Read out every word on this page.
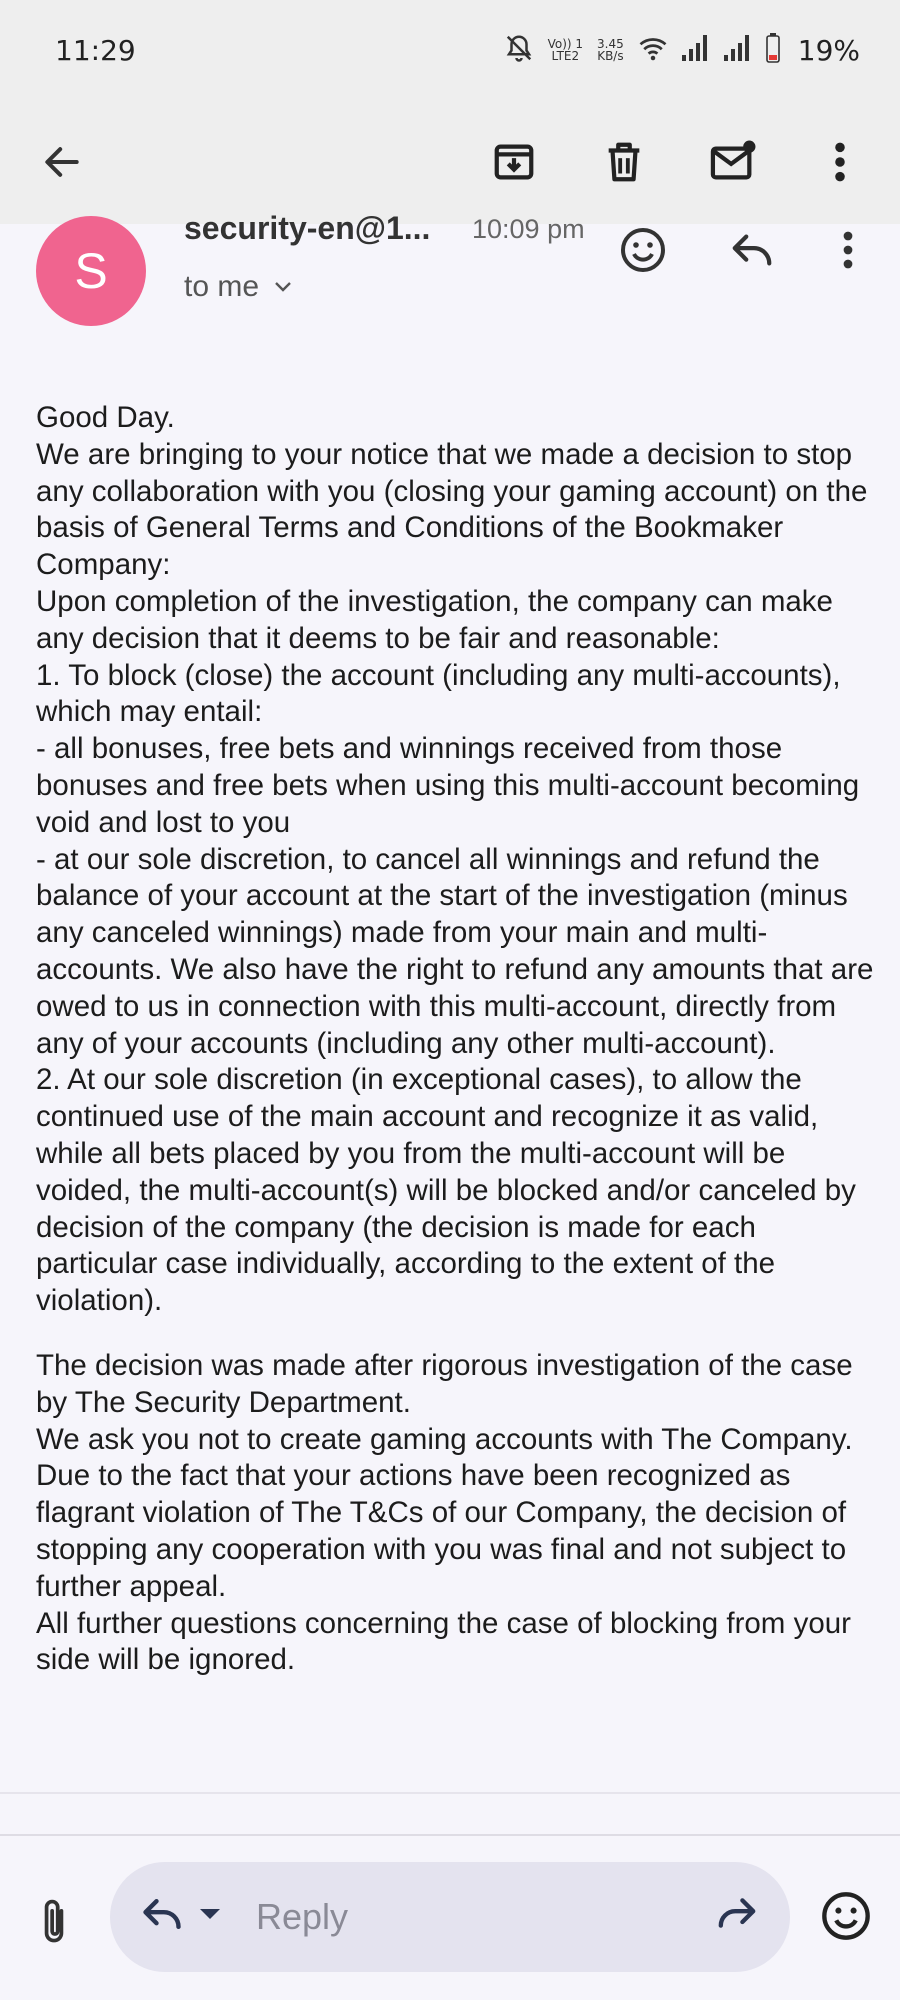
11:29	Vo)) 1
LTE2
3.45
KB/s	19%
S
security-en@1...	10:09 pm
to me

Good Day.

We are bringing to your notice that we made a decision to stop any collaboration with you (closing your gaming account) on the basis of General Terms and Conditions of the Bookmaker Company:

Upon completion of the investigation, the company can make any decision that it deems to be fair and reasonable:

1. To block (close) the account (including any multi-accounts), which may entail:

- all bonuses, free bets and winnings received from those bonuses and free bets when using this multi-account becoming void and lost to you

- at our sole discretion, to cancel all winnings and refund the balance of your account at the start of the investigation (minus any canceled winnings) made from your main and multi-accounts. We also have the right to refund any amounts that are owed to us in connection with this multi-account, directly from any of your accounts (including any other multi-account).

2. At our sole discretion (in exceptional cases), to allow the continued use of the main account and recognize it as valid, while all bets placed by you from the multi-account will be voided, the multi-account(s) will be blocked and/or canceled by decision of the company (the decision is made for each particular case individually, according to the extent of the violation).

The decision was made after rigorous investigation of the case by The Security Department.

We ask you not to create gaming accounts with The Company.

Due to the fact that your actions have been recognized as flagrant violation of The T&Cs of our Company, the decision of stopping any cooperation with you was final and not subject to further appeal.

All further questions concerning the case of blocking from your side will be ignored.

Reply
